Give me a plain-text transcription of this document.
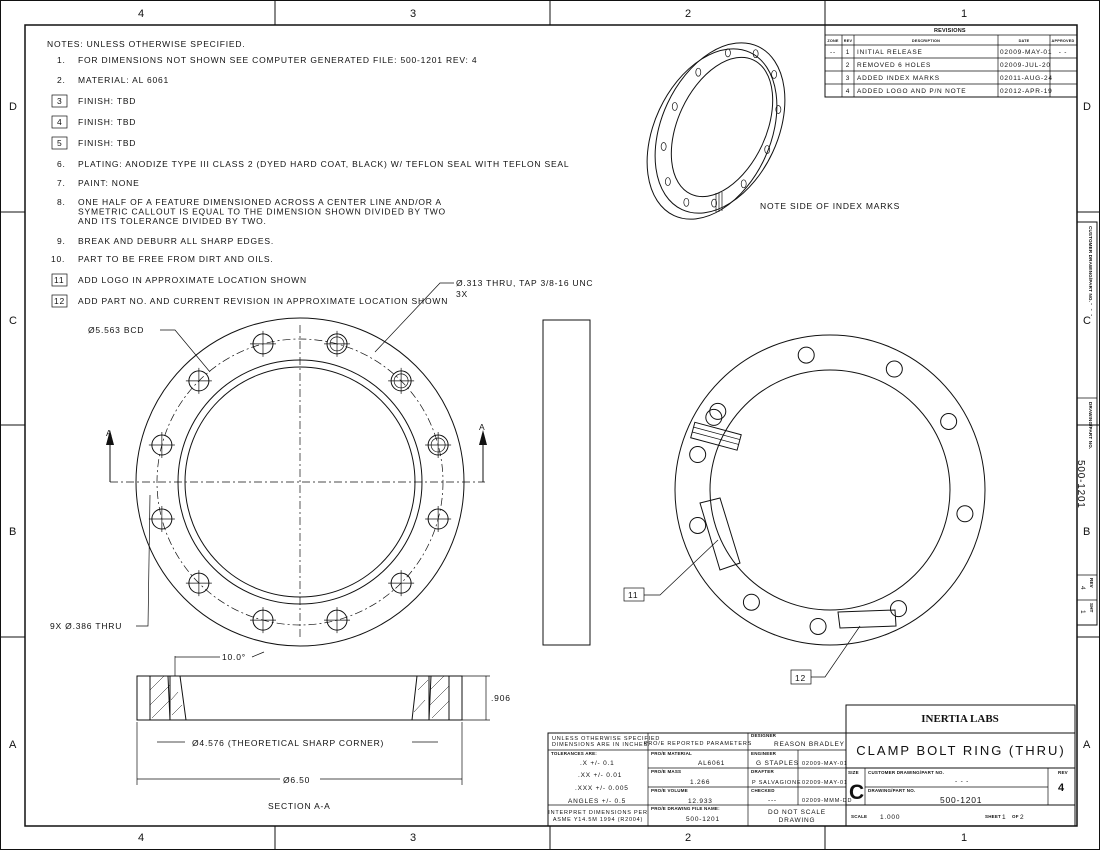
4	3	2	1
4	3	2	1
D
C
B
A
D
C
B
A
NOTES: UNLESS OTHERWISE SPECIFIED.
1. FOR DIMENSIONS NOT SHOWN SEE COMPUTER GENERATED FILE: 500-1201 REV: 4
2. MATERIAL: AL 6061
3 FINISH: TBD
4 FINISH: TBD
5 FINISH: TBD
6. PLATING: ANODIZE TYPE III CLASS 2 (DYED HARD COAT, BLACK) W/ TEFLON SEAL WITH TEFLON SEAL
7. PAINT: NONE
8. ONE HALF OF A FEATURE DIMENSIONED ACROSS A CENTER LINE AND/OR A
SYMETRIC CALLOUT IS EQUAL TO THE DIMENSION SHOWN DIVIDED BY TWO
AND ITS TOLERANCE DIVIDED BY TWO.
9. BREAK AND DEBURR ALL SHARP EDGES.
10. PART TO BE FREE FROM DIRT AND OILS.
11 ADD LOGO IN APPROXIMATE LOCATION SHOWN
12 ADD PART NO. AND CURRENT REVISION IN APPROXIMATE LOCATION SHOWN
REVISIONS
ZONE REV	DESCRIPTION	DATE	APPROVED
-- 1 INITIAL RELEASE	02009-MAY-01 - -
2 REMOVED 6 HOLES	02009-JUL-20
3 ADDED INDEX MARKS	02011-AUG-24
4 ADDED LOGO AND P/N NOTE	02012-APR-19
NOTE SIDE OF INDEX MARKS
A
A
Ø5.563 BCD
Ø.313 THRU, TAP 3/8-16 UNC
3X
9X Ø.386 THRU
11
12
10.0°
.906
Ø4.576 (THEORETICAL SHARP CORNER)
Ø6.50
SECTION A-A
CUSTOMER DRAWING/PART NO.
- - -
DRAWING/PART NO.
500-1201
REV
4
SHT
1
INERTIA LABS
CLAMP BOLT RING (THRU)
UNLESS OTHERWISE SPECIFIED
DIMENSIONS ARE IN INCHES.
TOLERANCES ARE:
.X +/- 0.1
.XX +/- 0.01
.XXX +/- 0.005
ANGLES +/- 0.5
INTERPRET DIMENSIONS PER
ASME Y14.5M 1994 (R2004)
PRO/E REPORTED PARAMETERS
PRO/E MATERIAL
AL6061
PRO/E MASS
1.266
PRO/E VOLUME
12.933
PRO/E DRAWING FILE NAME:
500-1201
DESIGNER
REASON BRADLEY
ENGINEER
G STAPLES 02009-MAY-01
DRAFTER
P SALVAGIONE 02009-MAY-01
CHECKED
---	02009-MMM-DD
DO NOT SCALE
DRAWING
SIZE
C
CUSTOMER DRAWING/PART NO.
- - -
DRAWING/PART NO.
500-1201
REV
4
SCALE 1.000	SHEET 1 OF 2
